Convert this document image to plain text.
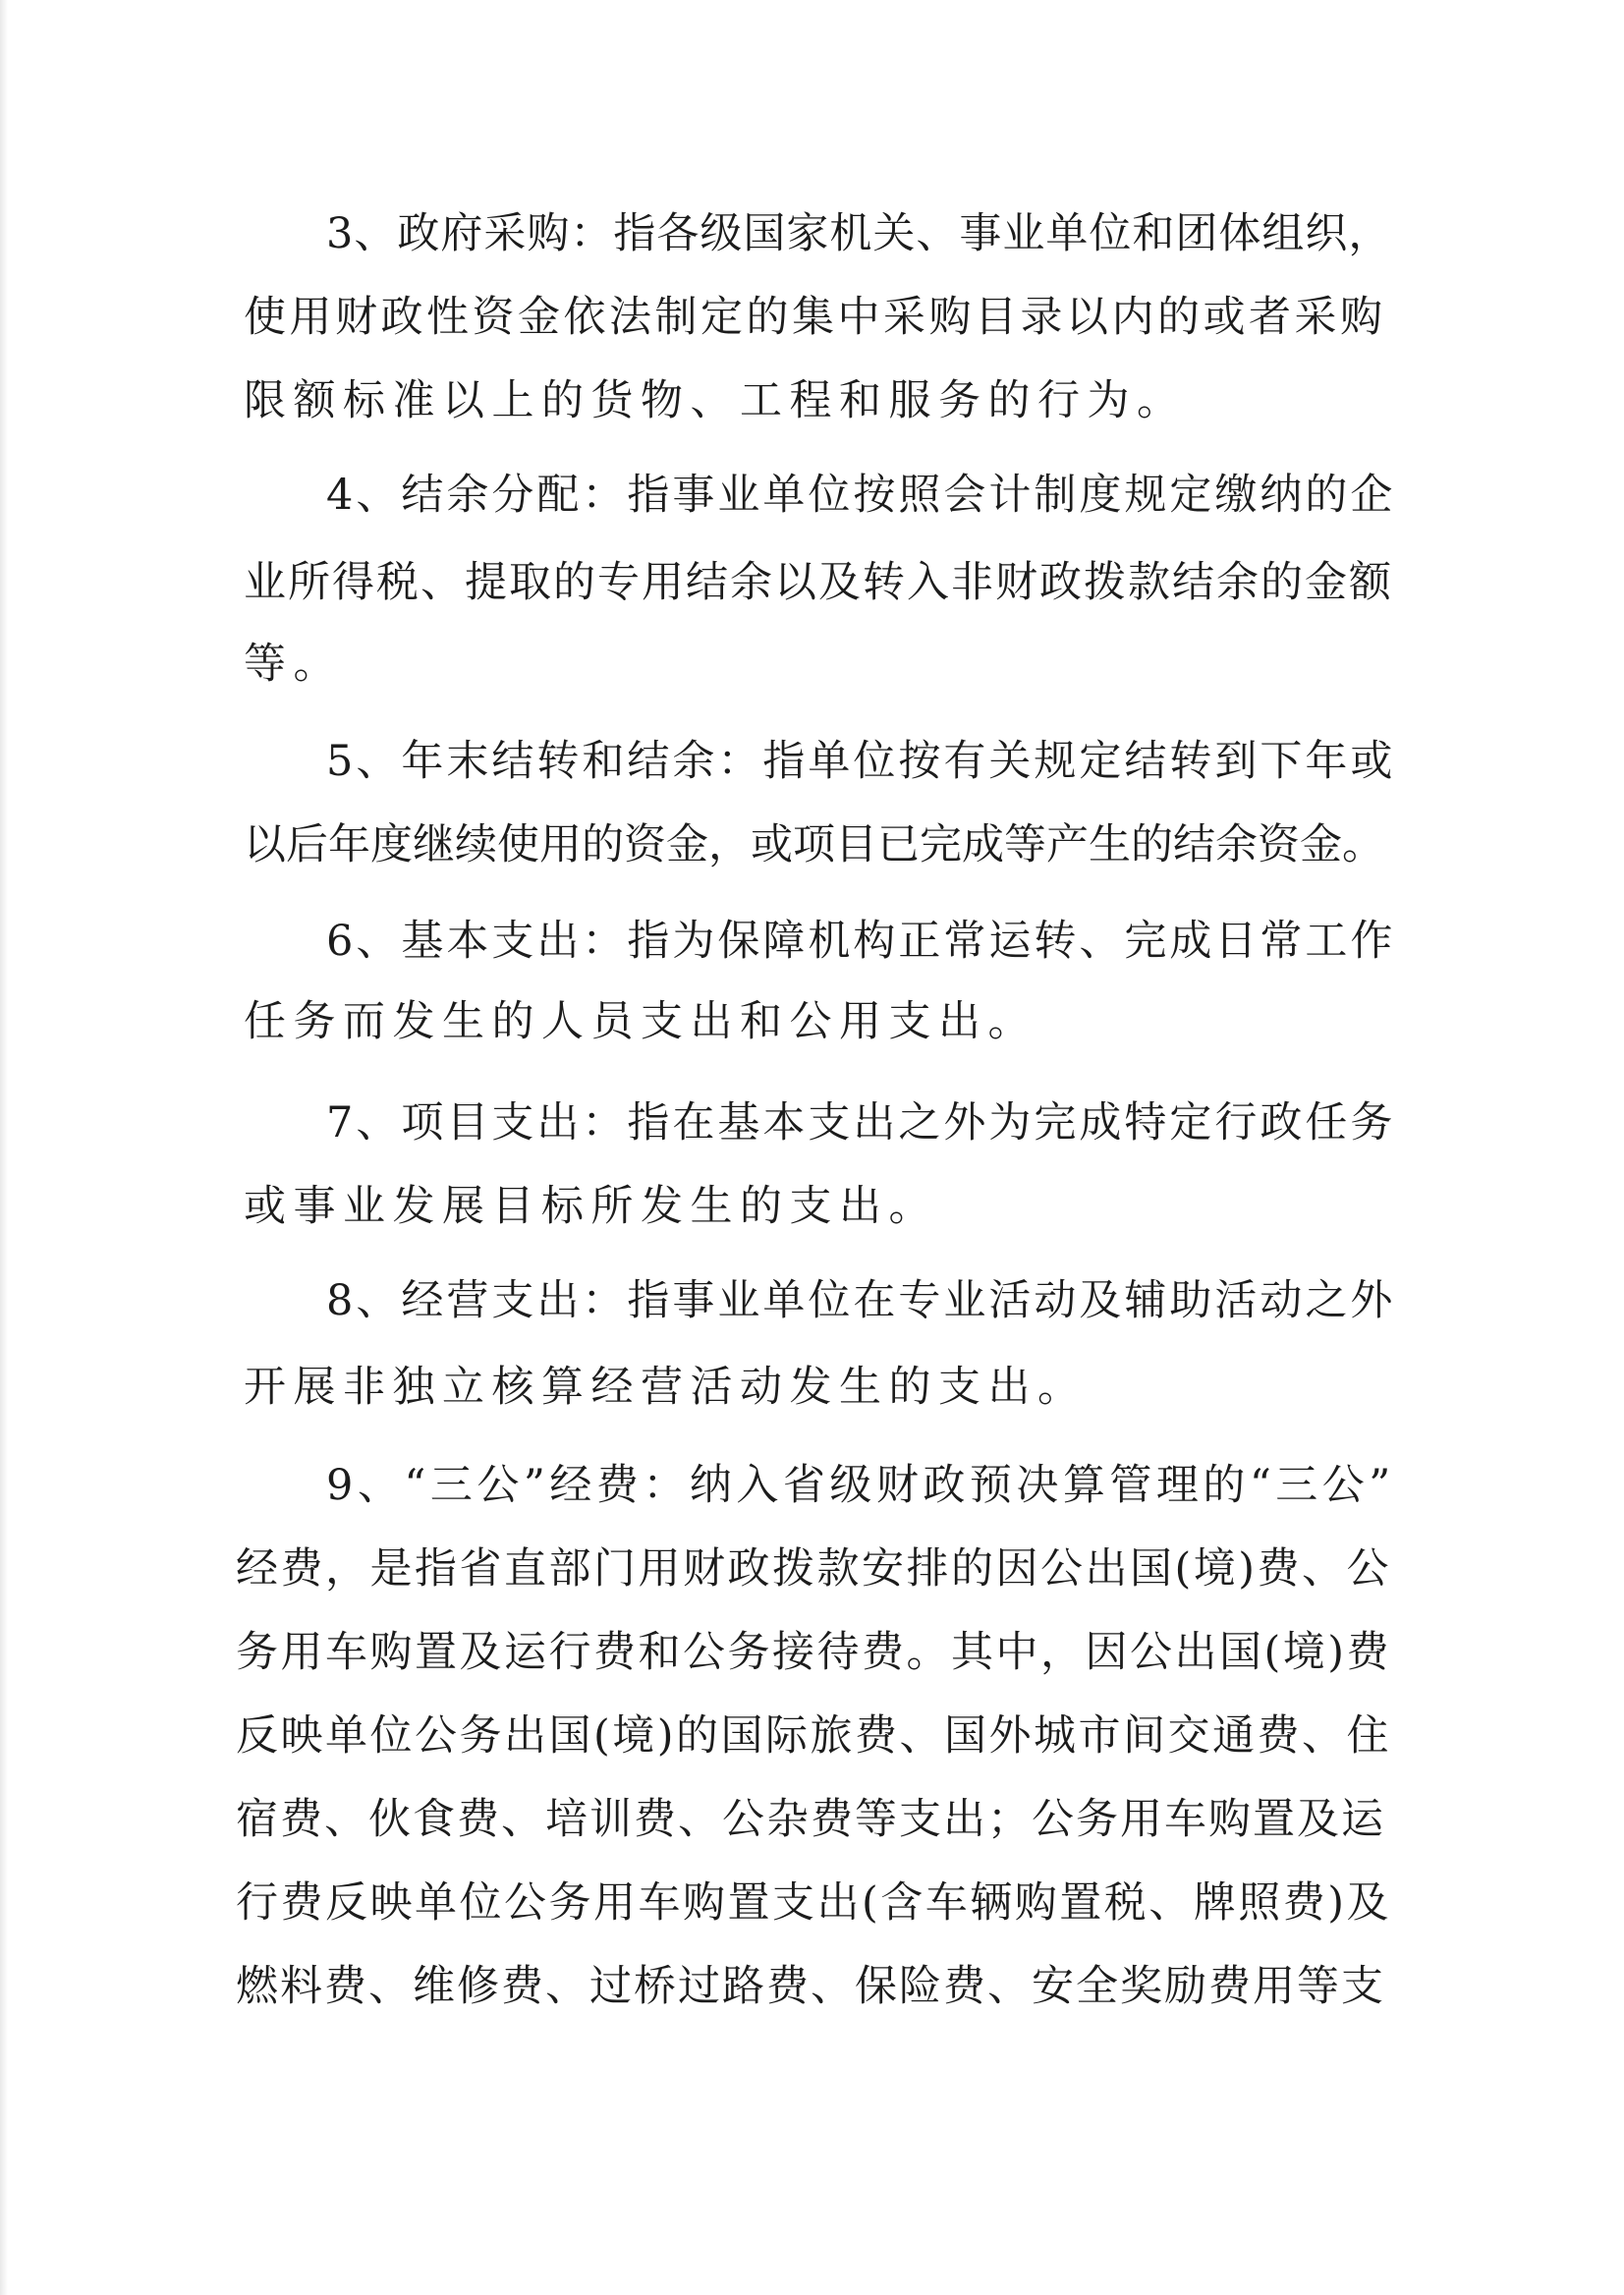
3、政府采购：指各级国家机关、事业单位和团体组织，

使用财政性资金依法制定的集中采购目录以内的或者采购

限额标准以上的货物、工程和服务的行为。

4、结余分配：指事业单位按照会计制度规定缴纳的企

业所得税、提取的专用结余以及转入非财政拨款结余的金额

等。

5、年末结转和结余：指单位按有关规定结转到下年或

以后年度继续使用的资金，或项目已完成等产生的结余资金。

6、基本支出：指为保障机构正常运转、完成日常工作

任务而发生的人员支出和公用支出。

7、项目支出：指在基本支出之外为完成特定行政任务

或事业发展目标所发生的支出。

8、经营支出：指事业单位在专业活动及辅助活动之外

开展非独立核算经营活动发生的支出。

9、“三公”经费：纳入省级财政预决算管理的“三公”

经费，是指省直部门用财政拨款安排的因公出国(境)费、公

务用车购置及运行费和公务接待费。其中，因公出国(境)费

反映单位公务出国(境)的国际旅费、国外城市间交通费、住

宿费、伙食费、培训费、公杂费等支出；公务用车购置及运

行费反映单位公务用车购置支出(含车辆购置税、牌照费)及

燃料费、维修费、过桥过路费、保险费、安全奖励费用等支
